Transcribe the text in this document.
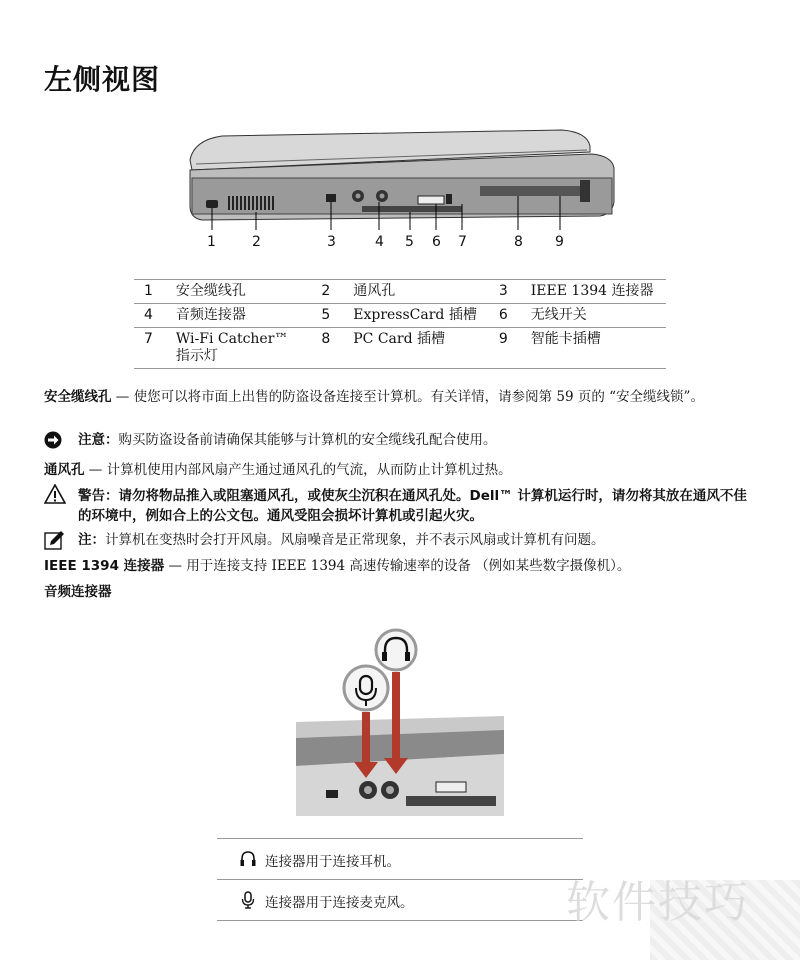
左侧视图
1	2	3	4 5 6 7	8 9
1	安全缆线孔	2	通风孔	3	IEEE 1394 连接器
4	音频连接器	5	ExpressCard 插槽	6	无线开关
7	Wi-Fi Catcher™ 指示灯	8	PC Card 插槽	9	智能卡插槽

安全缆线孔 — 使您可以将市面上出售的防盗设备连接至计算机。有关详情，请参阅第 59 页的 “安全缆线锁”。

注意：购买防盗设备前请确保其能够与计算机的安全缆线孔配合使用。

通风孔 — 计算机使用内部风扇产生通过通风孔的气流，从而防止计算机过热。

警告：请勿将物品推入或阻塞通风孔，或使灰尘沉积在通风孔处。Dell™ 计算机运行时，请勿将其放在通风不佳的环境中，例如合上的公文包。通风受阻会损坏计算机或引起火灾。

注：计算机在变热时会打开风扇。风扇噪音是正常现象，并不表示风扇或计算机有问题。

IEEE 1394 连接器 — 用于连接支持 IEEE 1394 高速传输速率的设备 （例如某些数字摄像机）。

音频连接器

连接器用于连接耳机。
连接器用于连接麦克风。	软件技巧
